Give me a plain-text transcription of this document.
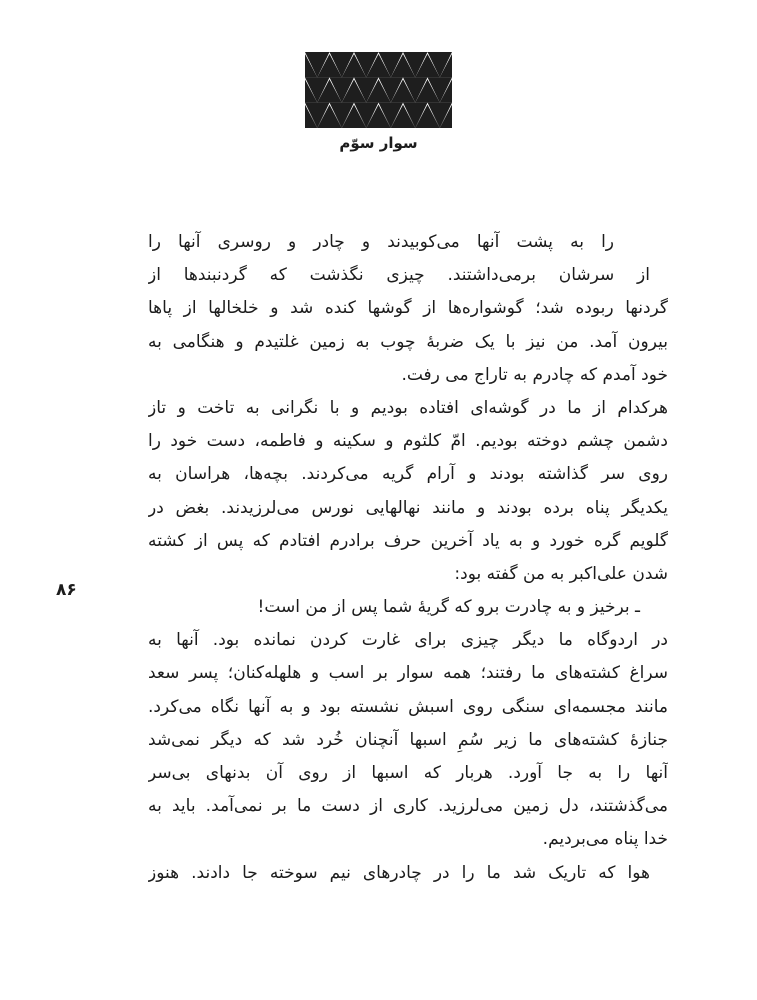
سوار سوّم
۸۶
را به پشت آنها می‌کوبیدند و چادر و روسری آنها را
از سرشان برمی‌داشتند. چیزی نگذشت که گردنبندها از
گردنها ربوده شد؛ گوشواره‌ها از گوشها کنده شد و خلخالها از پاها
بیرون آمد. من نیز با یک ضربهٔ چوب به زمین غلتیدم و هنگامی به
خود آمدم که چادرم به تاراج می رفت.
هرکدام از ما در گوشه‌ای افتاده بودیم و با نگرانی به تاخت و تاز
دشمن چشم دوخته بودیم. امّ کلثوم و سکینه و فاطمه، دست خود را
روی سر گذاشته بودند و آرام گریه می‌کردند. بچه‌ها، هراسان به
یکدیگر پناه برده بودند و مانند نهالهایی نورس می‌لرزیدند. بغض در
گلویم گره خورد و به یاد آخرین حرف برادرم افتادم که پس از کشته
شدن علی‌اکبر به من گفته بود:
ـ برخیز و به چادرت برو که گریهٔ شما پس از من است!
در اردوگاه ما دیگر چیزی برای غارت کردن نمانده بود. آنها به
سراغ کشته‌های ما رفتند؛ همه سوار بر اسب و هلهله‌کنان؛ پسر سعد
مانند مجسمه‌ای سنگی روی اسبش نشسته بود و به آنها نگاه می‌کرد.
جنازهٔ کشته‌های ما زیر سُمِ اسبها آنچنان خُرد شد که دیگر نمی‌شد
آنها را به جا آورد. هربار که اسبها از روی آن بدنهای بی‌سر
می‌گذشتند، دل زمین می‌لرزید. کاری از دست ما بر نمی‌آمد. باید به
خدا پناه می‌بردیم.
هوا که تاریک شد ما را در چادرهای نیم سوخته جا دادند. هنوز
